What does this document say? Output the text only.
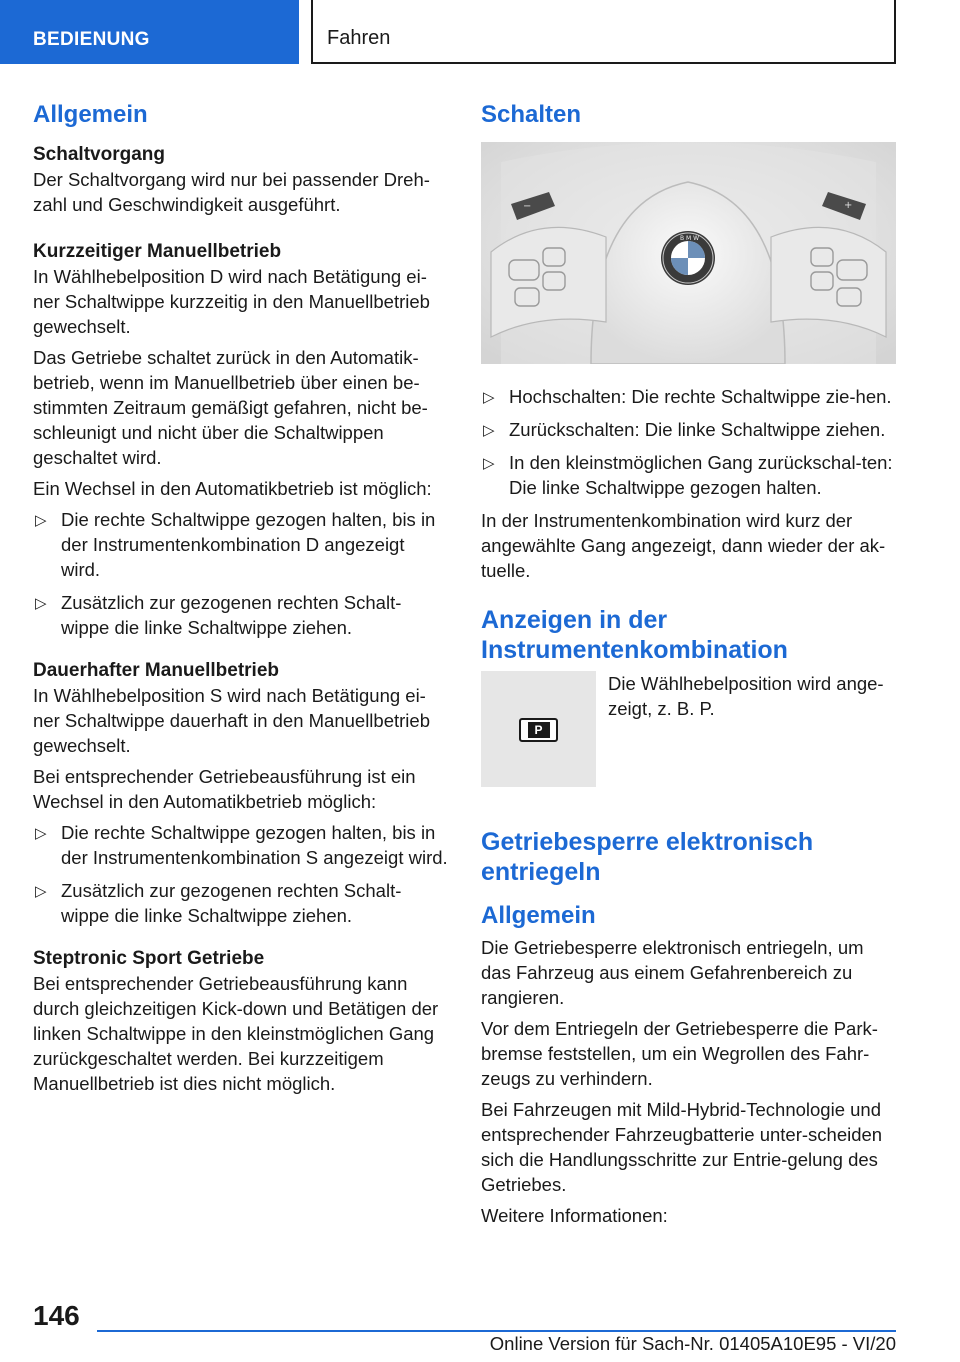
BEDIENUNG	Fahren
Allgemein
Schaltvorgang

Der Schaltvorgang wird nur bei passender Dreh-zahl und Geschwindigkeit ausgeführt.

Kurzzeitiger Manuellbetrieb

In Wählhebelposition D wird nach Betätigung ei-ner Schaltwippe kurzzeitig in den Manuellbetrieb gewechselt.

Das Getriebe schaltet zurück in den Automatik-betrieb, wenn im Manuellbetrieb über einen be-stimmten Zeitraum gemäßigt gefahren, nicht be-schleunigt und nicht über die Schaltwippen geschaltet wird.

Ein Wechsel in den Automatikbetrieb ist möglich:

▷ Die rechte Schaltwippe gezogen halten, bis in der Instrumentenkombination D angezeigt wird.
▷ Zusätzlich zur gezogenen rechten Schalt-wippe die linke Schaltwippe ziehen.
Dauerhafter Manuellbetrieb

In Wählhebelposition S wird nach Betätigung ei-ner Schaltwippe dauerhaft in den Manuellbetrieb gewechselt.

Bei entsprechender Getriebeausführung ist ein Wechsel in den Automatikbetrieb möglich:

▷ Die rechte Schaltwippe gezogen halten, bis in der Instrumentenkombination S angezeigt wird.
▷ Zusätzlich zur gezogenen rechten Schalt-wippe die linke Schaltwippe ziehen.
Steptronic Sport Getriebe

Bei entsprechender Getriebeausführung kann durch gleichzeitigen Kick-down und Betätigen der linken Schaltwippe in den kleinstmöglichen Gang zurückgeschaltet werden. Bei kurzzeitigem Manuellbetrieb ist dies nicht möglich.

Schalten
−	+
B M W
▷ Hochschalten: Die rechte Schaltwippe zie-hen.
▷ Zurückschalten: Die linke Schaltwippe ziehen.
▷ In den kleinstmöglichen Gang zurückschal-ten: Die linke Schaltwippe gezogen halten.

In der Instrumentenkombination wird kurz der angewählte Gang angezeigt, dann wieder der ak-tuelle.

Anzeigen in der
Instrumentenkombination
P
Die Wählhebelposition wird ange-zeigt, z. B. P.
Getriebesperre elektronisch
entriegeln
Allgemein

Die Getriebesperre elektronisch entriegeln, um das Fahrzeug aus einem Gefahrenbereich zu rangieren.

Vor dem Entriegeln der Getriebesperre die Park-bremse feststellen, um ein Wegrollen des Fahr-zeugs zu verhindern.

Bei Fahrzeugen mit Mild-Hybrid-Technologie und entsprechender Fahrzeugbatterie unter-scheiden sich die Handlungsschritte zur Entrie-gelung des Getriebes.

Weitere Informationen:

146
Online Version für Sach-Nr. 01405A10E95 - VI/20
